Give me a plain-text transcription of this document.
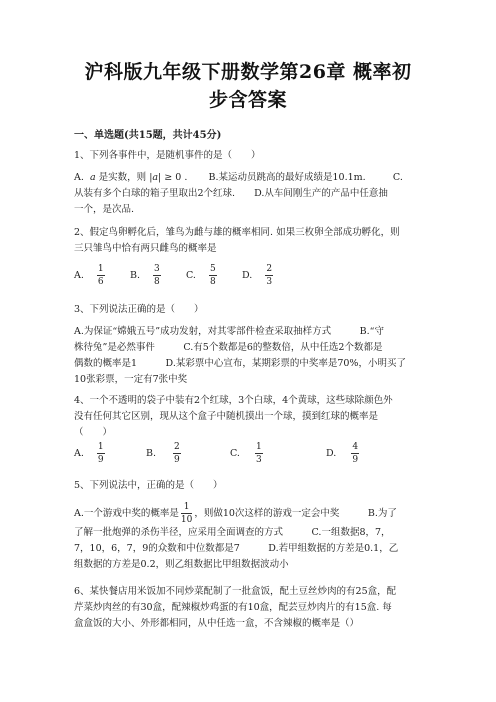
沪科版九年级下册数学第26章 概率初
步含答案
一、单选题(共15题，共计45分)
1、下列各事件中，是随机事件的是（　　）
A. a 是实数，则 |a| ≥ 0 . B.某运动员跳高的最好成绩是10.1m.	C.
从装有多个白球的箱子里取出2个红球.　　D.从车间刚生产的产品中任意抽
一个，是次品.
2、假定鸟卵孵化后，雏鸟为雌与雄的概率相同. 如果三枚卵全部成功孵化，则
三只雏鸟中恰有两只雌鸟的概率是
A. $\frac{1}{6}$	B. $\frac{3}{8}$	C. $\frac{5}{8}$	D. $\frac{2}{3}$
3、下列说法正确的是（　　）
A.为保证“嫦娥五号”成功发射，对其零部件检查采取抽样方式　　　B.“守
株待兔”是必然事件　　　C.有5个数都是6的整数倍，从中任选2个数都是
偶数的概率是1　　　D.某彩票中心宣布，某期彩票的中奖率是70%，小明买了
10张彩票，一定有7张中奖
4、一个不透明的袋子中装有2个红球，3个白球，4个黄球，这些球除颜色外
没有任何其它区别，现从这个盒子中随机摸出一个球，摸到红球的概率是
（　　）
A. $\frac{1}{9}$	B. $\frac{2}{9}$	C. $\frac{1}{3}$	D. $\frac{4}{9}$
5、下列说法中，正确的是（　　）
A.一个游戏中奖的概率是 $\frac{1}{10}$ ，则做10次这样的游戏一定会中奖　　　B.为了
了解一批炮弹的杀伤半径，应采用全面调查的方式　　　C.一组数据8，7，
7，10，6，7，9的众数和中位数都是7　　　D.若甲组数据的方差是0.1，乙
组数据的方差是0.2，则乙组数据比甲组数据波动小
6、某快餐店用米饭加不同炒菜配制了一批盒饭，配土豆丝炒肉的有25盒，配
芹菜炒肉丝的有30盒，配辣椒炒鸡蛋的有10盒，配芸豆炒肉片的有15盒. 每
盒盒饭的大小、外形都相同，从中任选一盒，不含辣椒的概率是（）
